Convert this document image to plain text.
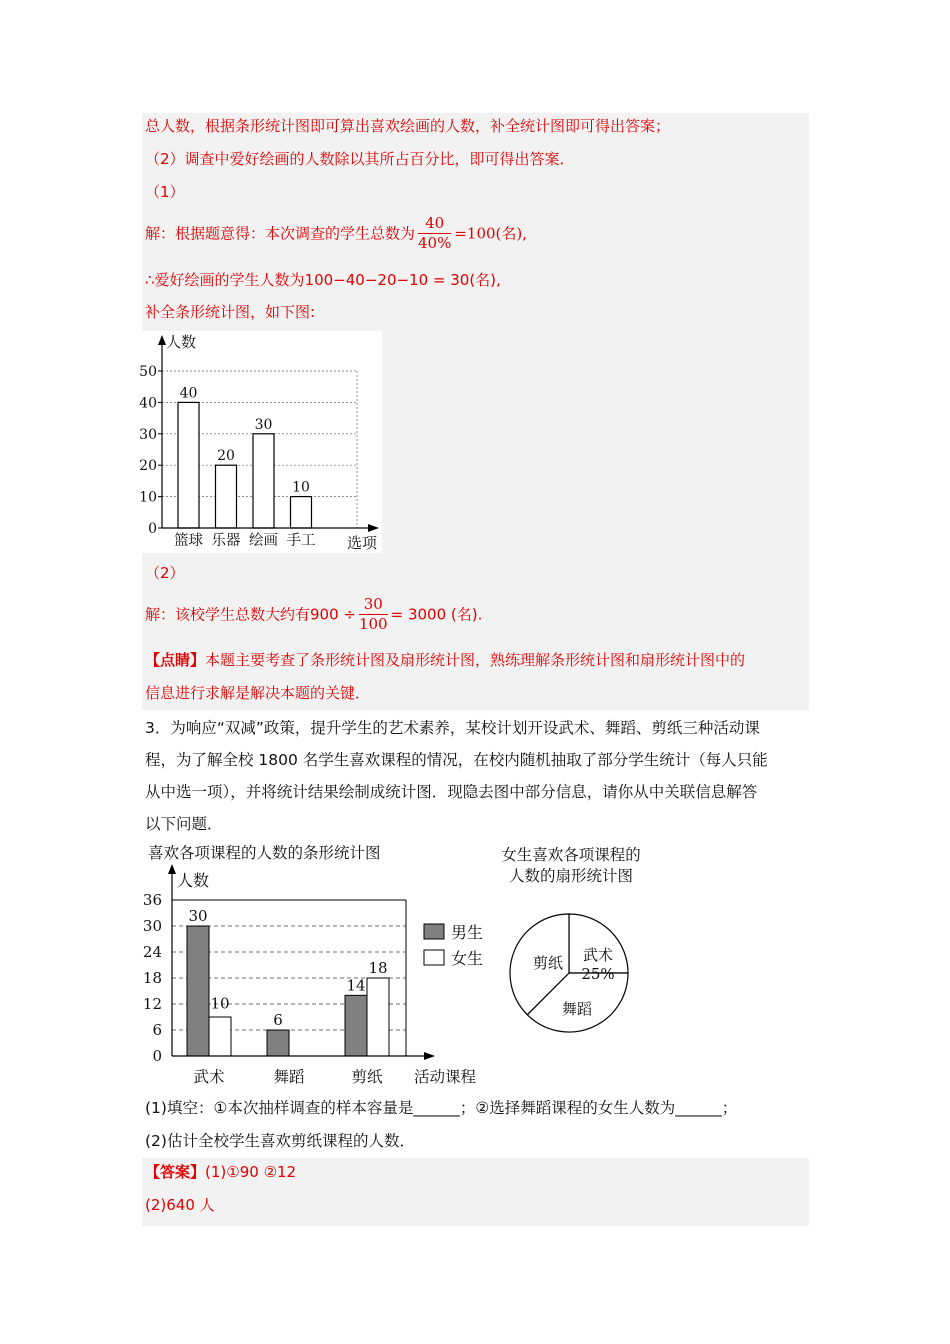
总人数，根据条形统计图即可算出喜欢绘画的人数，补全统计图即可得出答案；
（2）调查中爱好绘画的人数除以其所占百分比，即可得出答案．
（1）
解：根据题意得：本次调查的学生总数为 $\frac{40}{40\%} =100$(名),
∴爱好绘画的学生人数为100−40−20−10 = 30(名),
补全条形统计图，如下图:
40
20
30
10
0
10
20
30
40
50
篮球 乐器 绘画 手工
人数
选项
（2）
解：该校学生总数大约有$900 \div \frac{30}{100} = 3000$ (名).
【点睛】本题主要考查了条形统计图及扇形统计图，熟练理解条形统计图和扇形统计图中的
信息进行求解是解决本题的关键．
3．为响应“双减”政策，提升学生的艺术素养，某校计划开设武术、舞蹈、剪纸三种活动课
程，为了解全校 1800 名学生喜欢课程的情况，在校内随机抽取了部分学生统计（每人只能
从中选一项），并将统计结果绘制成统计图．现隐去图中部分信息，请你从中关联信息解答
以下问题．
30
10
6
14
18
喜欢各项课程的人数的条形统计图
0
6
12
18
24
30
36
武术	舞蹈	剪纸
人数
活动课程
男生
女生
女生喜欢各项课程的
人数的扇形统计图
武术
25%
剪纸
舞蹈
(1)填空：①本次抽样调查的样本容量是______；②选择舞蹈课程的女生人数为______；
(2)估计全校学生喜欢剪纸课程的人数．
【答案】(1)①90 ②12
(2)640 人
